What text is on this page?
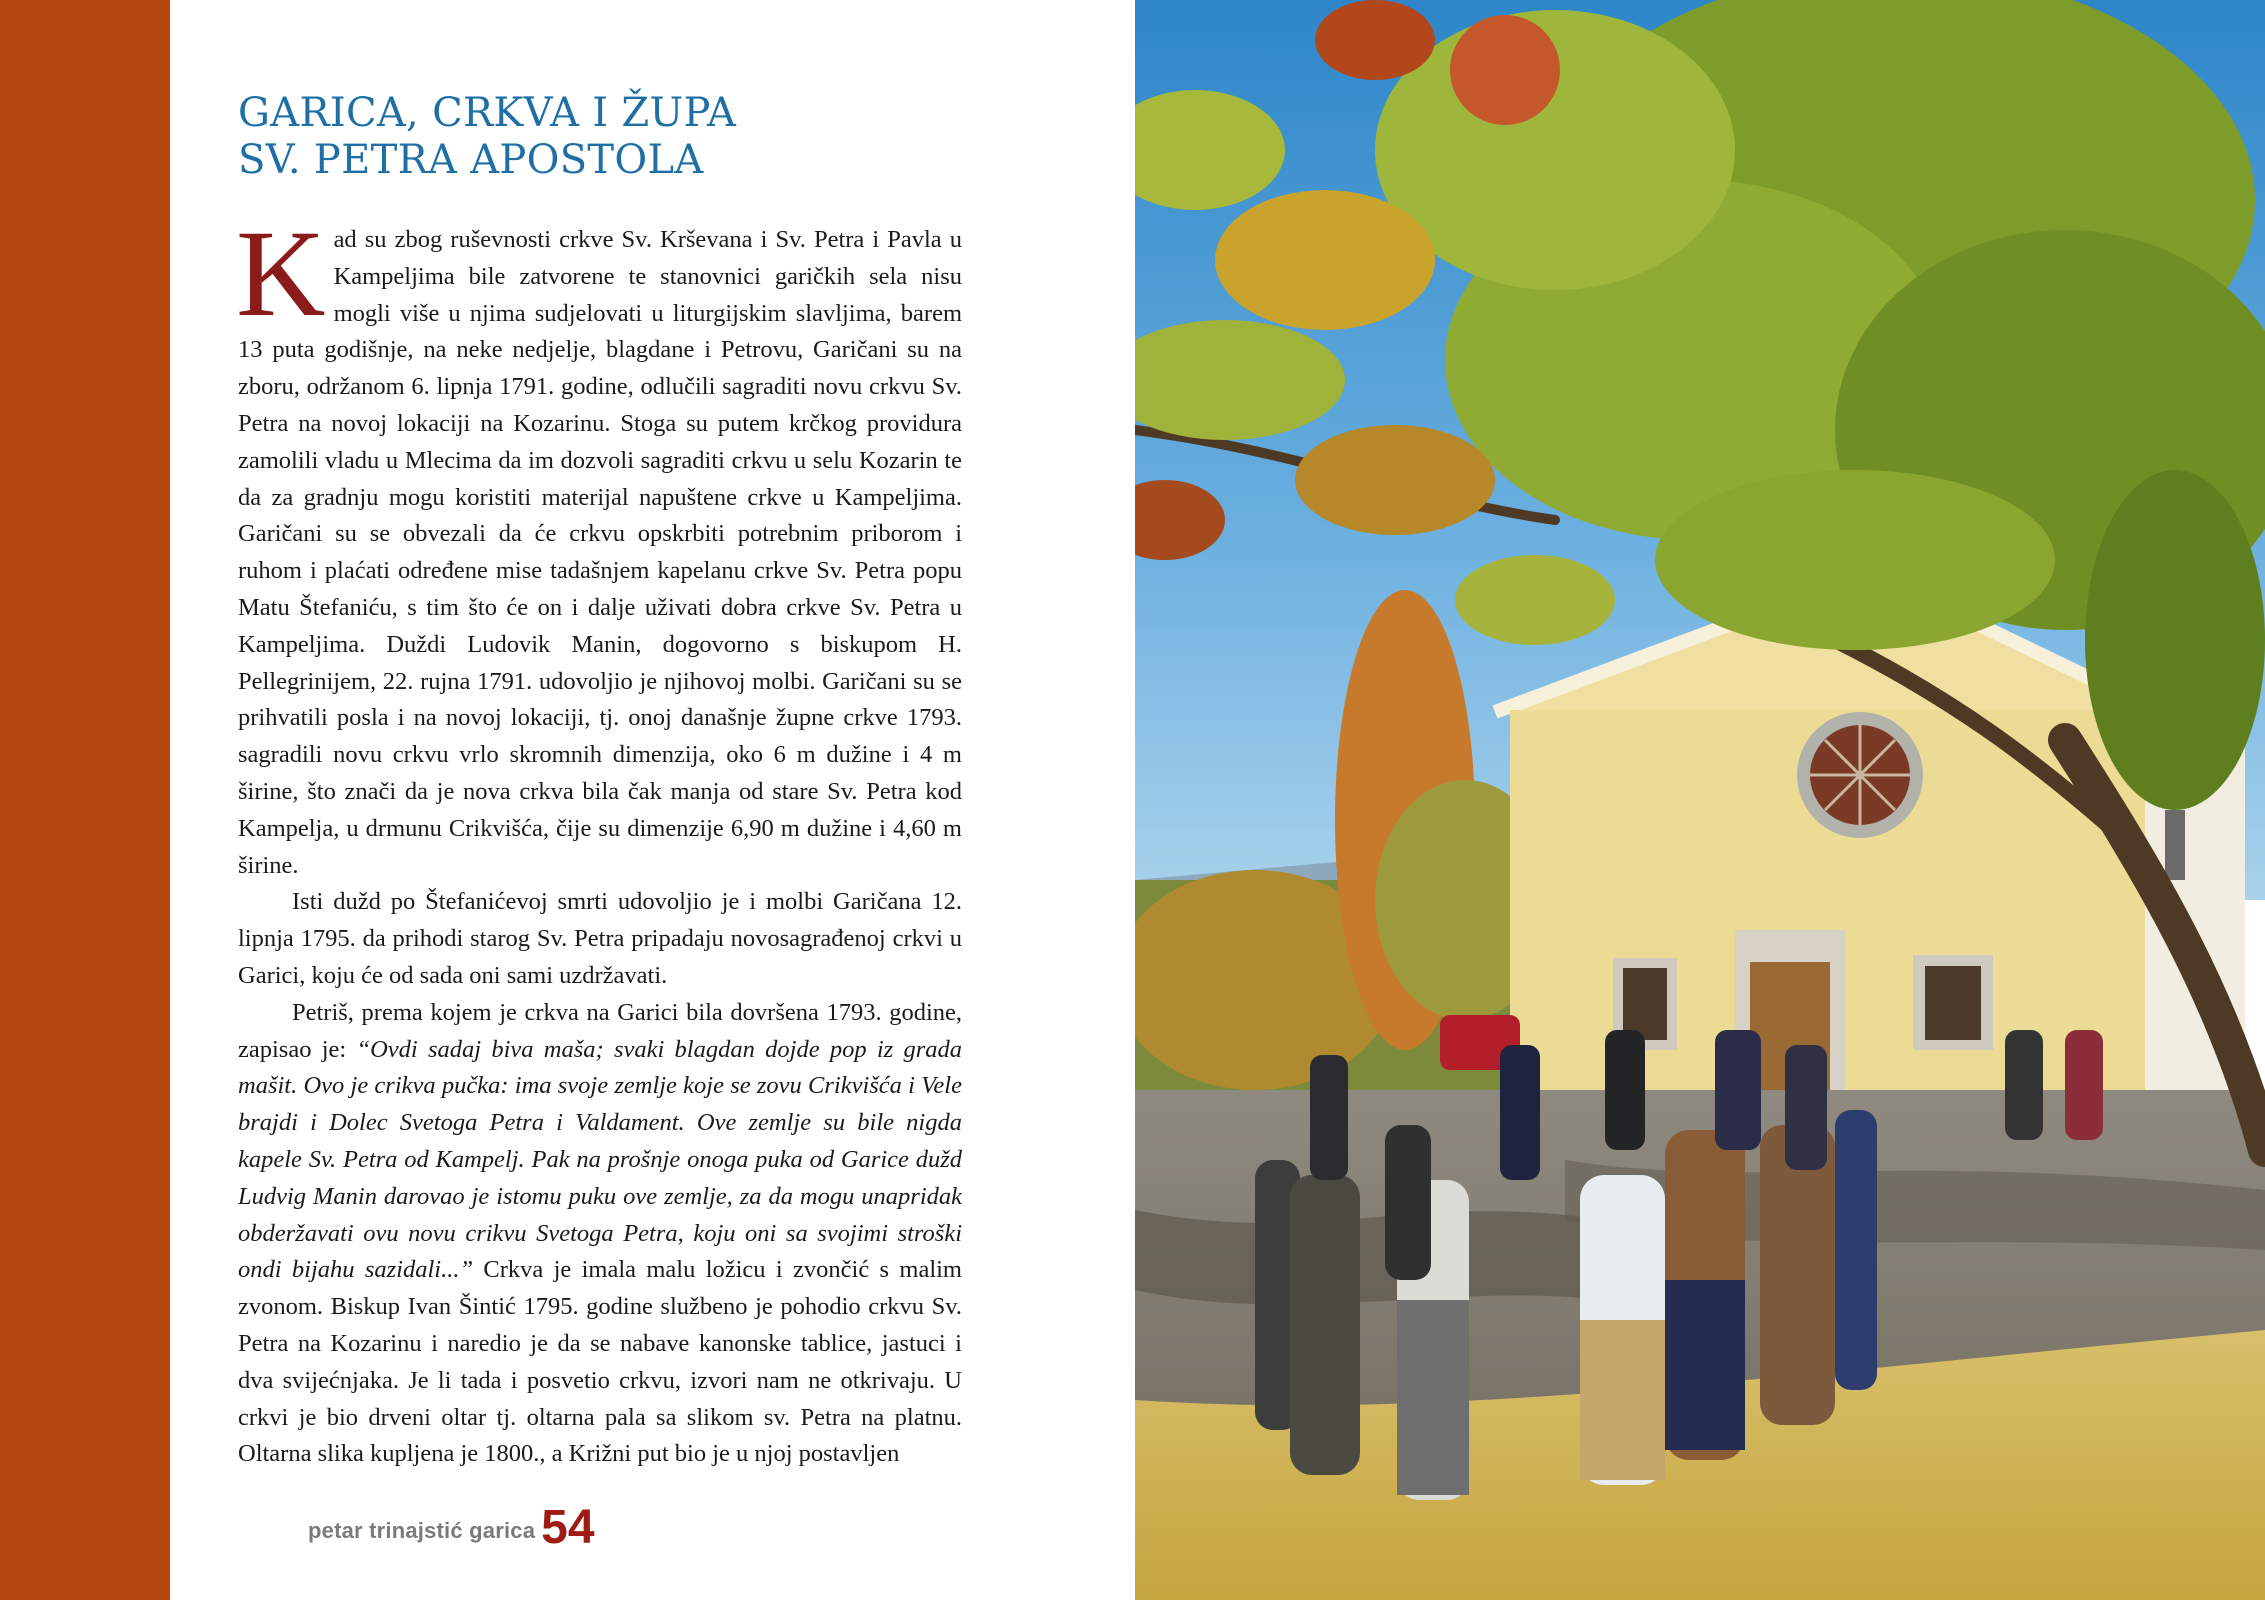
GARICA, CRKVA I ŽUPA
SV. PETRA APOSTOLA

Kad su zbog ruševnosti crkve Sv. Krševana i Sv. Petra i Pavla u Kampeljima bile zatvorene te stanovnici garičkih sela nisu mogli više u njima sudjelovati u liturgijskim slavljima, barem 13 puta godišnje, na neke nedjelje, blagdane i Petrovu, Garičani su na zboru, održanom 6. lipnja 1791. godine, odlučili sagraditi novu crkvu Sv. Petra na novoj lokaciji na Kozarinu. Stoga su putem krčkog providura zamolili vladu u Mlecima da im dozvoli sagraditi crkvu u selu Kozarin te da za gradnju mogu koristiti materijal napuštene crkve u Kampeljima. Garičani su se obvezali da će crkvu opskrbiti potrebnim priborom i ruhom i plaćati određene mise tadašnjem kapelanu crkve Sv. Petra popu Matu Štefaniću, s tim što će on i dalje uživati dobra crkve Sv. Petra u Kampeljima. Duždi Ludovik Manin, dogovorno s biskupom H. Pellegrinijem, 22. rujna 1791. udovoljio je njihovoj molbi. Garičani su se prihvatili posla i na novoj lokaciji, tj. onoj današnje župne crkve 1793. sagradili novu crkvu vrlo skromnih dimenzija, oko 6 m dužine i 4 m širine, što znači da je nova crkva bila čak manja od stare Sv. Petra kod Kampelja, u drmunu Crikvišća, čije su dimenzije 6,90 m dužine i 4,60 m širine.

Isti dužd po Štefanićevoj smrti udovoljio je i molbi Garičana 12. lipnja 1795. da prihodi starog Sv. Petra pripadaju novosagrađenoj crkvi u Garici, koju će od sada oni sami uzdržavati.

Petriš, prema kojem je crkva na Garici bila dovršena 1793. godine, zapisao je: “Ovdi sadaj biva maša; svaki blagdan dojde pop iz grada mašit. Ovo je crikva pučka: ima svoje zemlje koje se zovu Crikvišća i Vele brajdi i Dolec Svetoga Petra i Valdament. Ove zemlje su bile nigda kapele Sv. Petra od Kampelj. Pak na prošnje onoga puka od Garice dužd Ludvig Manin darovao je istomu puku ove zemlje, za da mogu unapridak obderžavati ovu novu crikvu Svetoga Petra, koju oni sa svojimi stroški ondi bijahu sazidali...” Crkva je imala malu ložicu i zvončić s malim zvonom. Biskup Ivan Šintić 1795. godine službeno je pohodio crkvu Sv. Petra na Kozarinu i naredio je da se nabave kanonske tablice, jastuci i dva svijećnjaka. Je li tada i posvetio crkvu, izvori nam ne otkrivaju. U crkvi je bio drveni oltar tj. oltarna pala sa slikom sv. Petra na platnu. Oltarna slika kupljena je 1800., a Križni put bio je u njoj postavljen

petar trinajstić garica 54
